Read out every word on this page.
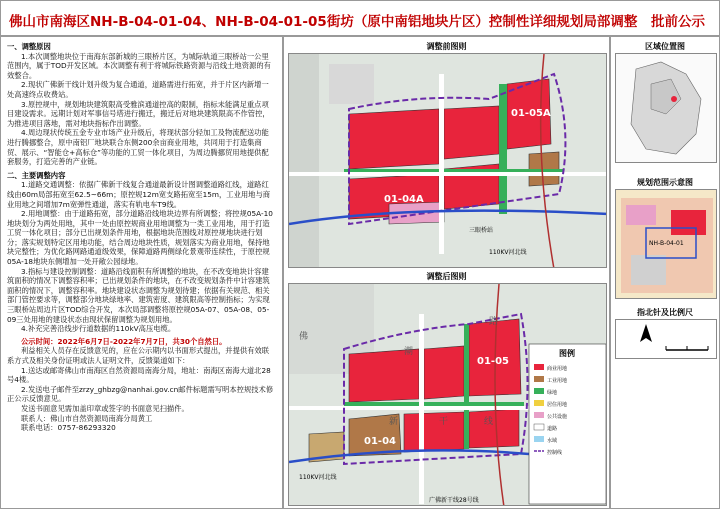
佛山市南海区NH-B-04-01-04、NH-B-04-01-05街坊（原中南铝地块片区）控制性详细规划局部调整 批前公示
一、调整原因
1.本次调整地块位于南海东部新城的三眼桥片区，为城际轨道三眼桥站一公里范围内，属于TOD开发区域。本次调整有利于将城际铁路资源与沿线土地资源的有效整合。
2.现状广佛新干线计划升级为复合通道，道路需进行拓宽，并于片区内新增一处高速终点收费站。
3.原控规中，规划地块建筑限高受雅滨通道控高的限制，指标未能满足重点项目建设需求。远期计划对军事信号塔进行搬迁，搬迁后对地块建筑限高不作管控，为推进项目落地，需对地块指标作出调整。
4.周边现状传统五金专业市场产业升级后，将现状部分轻加工及物流配送功能进行腾挪整合，原中南铝厂地块联合东侧200余亩商业用地，共同用于打造集商贸、展示、“智能仓+高标仓”等功能的工贸一体化项目，为周边腾挪贸用地提供配套服务，打造完善的产业链。
二、主要调整内容
1.道路交通调整：依据广佛新干线复合通道最新设计图调整道路红线，道路红线由60m局部拓宽至62.5~66m；原控规12m宽支路拓宽至15m，工业用地与商业用地之间增加7m宽弹性通道，落实有轨电车T9线。
2.用地调整：由于道路拓宽，部分道路沿线地块边界有所调整；将控规05A-10地块划分为两处用地，其中一处由原控规商业用地调整为一类工业用地，用于打造工贸一体化项目；部分已出规划条件用地，根据地块范围线对原控规地块进行划分；落实规划特定区用地功能，结合周边地块性质，规划落实为商业用地，保持地块完整性；为优化路网路通道级效果，保障道路两侧绿化景观带连续性，于原控规05A-18地块东侧增加一处开敞公园绿地。
3.指标与建设控制调整：道路沿线面积有所调整的地块，在不改变地块计容建筑面积的情况下调整容积率；已出规划条件的地块，在不改变规划条件中计容建筑面积的情况下，调整容积率。地块建设状态调整为规划待建；依据有关规范、相关部门管控要求等，调整部分地块绿地率、建筑密度、建筑限高等控制指标；为实现三眼桥站周边片区TOD综合开发，本次局部调整将原控规05A-07、05A-08、05-09三处用地的建设状态由现状保留调整为规划用地。
4.补充完善沿线步行道数据的110kV高压电缆。
公示时间：2022年6月7日-2022年7月7日，共30个自然日。
利益相关人员存在反馈意见的，应在公示期内以书面形式提出，并提供有效联系方式及相关身份证明或法人证明文件，反馈渠道如下：
1.送达或邮寄佛山市南海区自然资源局南海分局，地址：南海区南海大道北28号4楼。
2.发送电子邮件至zrzy_ghbzg@nanhai.gov.cn邮件标题需写明本控规技术修正公示反馈意见。
发送书面意见需加盖印章或签字的书面意见扫描件。
联系人：佛山市自然资源局南海分局黄工
联系电话：0757-86293320
调整前图则
01-05A
01-04A
三眼桥站
110KV河北线
调整后图则
01-05
01-04
佛
潮
路
新	干	线
广佛新干线28号线
110KV河北线
图例
商业用地
工业用地
绿地
居住用地
公共设施
道路
水域
控制线
区域位置图
规划范围示意图
NH-B-04-01
指北针及比例尺
